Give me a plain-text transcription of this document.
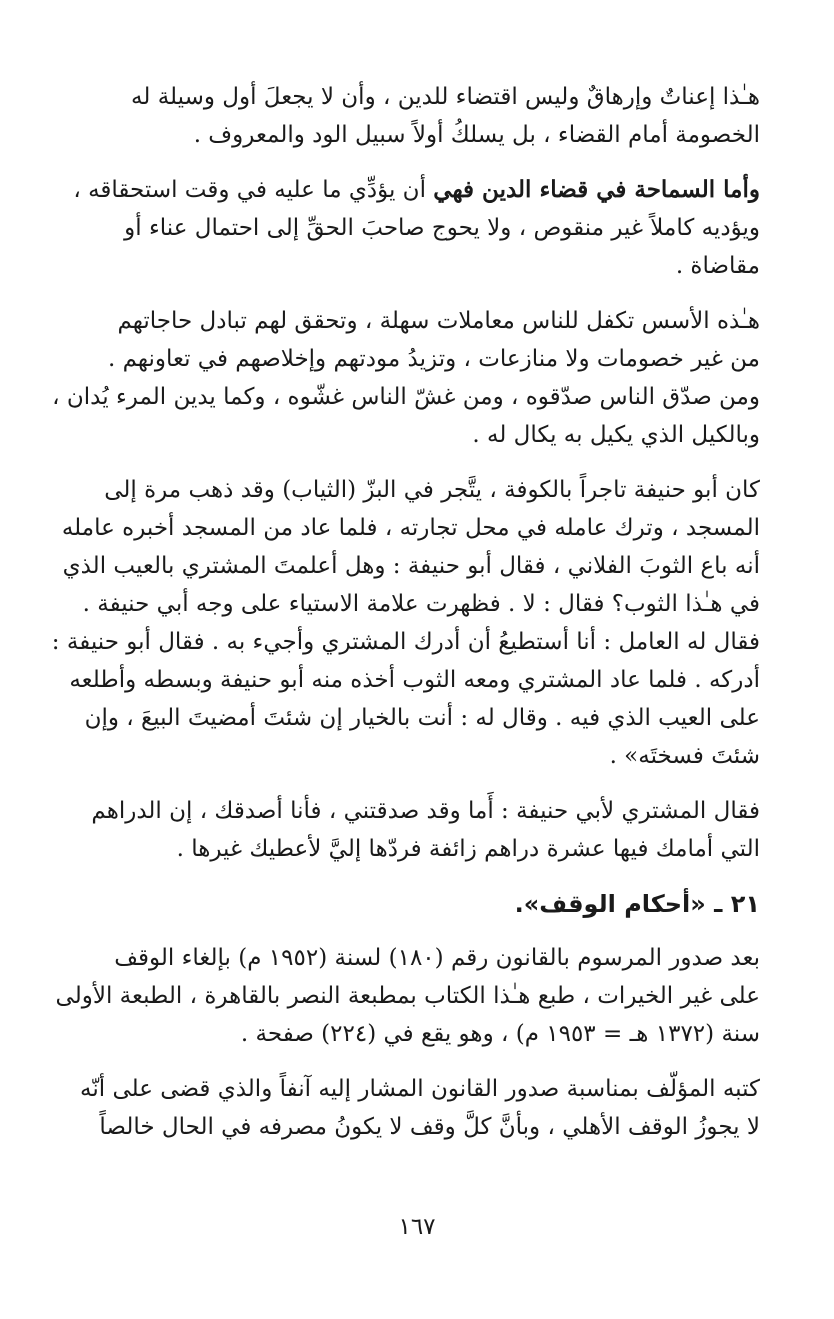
هـٰذا إعناتٌ وإرهاقٌ وليس اقتضاء للدين ، وأن لا يجعلَ أول وسيلة له
الخصومة أمام القضاء ، بل يسلكُ أولاً سبيل الود والمعروف .

وأما السماحة في قضاء الدين فهي أن يؤدِّي ما عليه في وقت استحقاقه ،
ويؤديه كاملاً غير منقوص ، ولا يحوج صاحبَ الحقِّ إلى احتمال عناء أو
مقاضاة .

هـٰذه الأسس تكفل للناس معاملات سهلة ، وتحقق لهم تبادل حاجاتهم
من غير خصومات ولا منازعات ، وتزيدُ مودتهم وإخلاصهم في تعاونهم .
ومن صدّق الناس صدّقوه ، ومن غشّ الناس غشّوه ، وكما يدين المرء يُدان ،
وبالكيل الذي يكيل به يكال له .

كان أبو حنيفة تاجراً بالكوفة ، يتَّجر في البزّ (الثياب) وقد ذهب مرة إلى
المسجد ، وترك عامله في محل تجارته ، فلما عاد من المسجد أخبره عامله
أنه باع الثوبَ الفلاني ، فقال أبو حنيفة : وهل أعلمتَ المشتري بالعيب الذي
في هـٰذا الثوب؟ فقال : لا . فظهرت علامة الاستياء على وجه أبي حنيفة .
فقال له العامل : أنا أستطيعُ أن أدرك المشتري وأجيء به . فقال أبو حنيفة :
أدركه . فلما عاد المشتري ومعه الثوب أخذه منه أبو حنيفة وبسطه وأطلعه
على العيب الذي فيه . وقال له : أنت بالخيار إن شئتَ أمضيتَ البيعَ ، وإن
شئتَ فسختَه» .

فقال المشتري لأبي حنيفة : أَما وقد صدقتني ، فأنا أصدقك ، إن الدراهم
التي أمامك فيها عشرة دراهم زائفة فردّها إليَّ لأعطيك غيرها .

٢١ ـ «أحكام الوقف».

بعد صدور المرسوم بالقانون رقم (١٨٠) لسنة (١٩٥٢ م) بإلغاء الوقف
على غير الخيرات ، طبع هـٰذا الكتاب بمطبعة النصر بالقاهرة ، الطبعة الأولى
سنة (١٣٧٢ هـ = ١٩٥٣ م) ، وهو يقع في (٢٢٤) صفحة .

كتبه المؤلّف بمناسبة صدور القانون المشار إليه آنفاً والذي قضى على أنّه
لا يجوزُ الوقف الأهلي ، وبأنَّ كلَّ وقف لا يكونُ مصرفه في الحال خالصاً

١٦٧
